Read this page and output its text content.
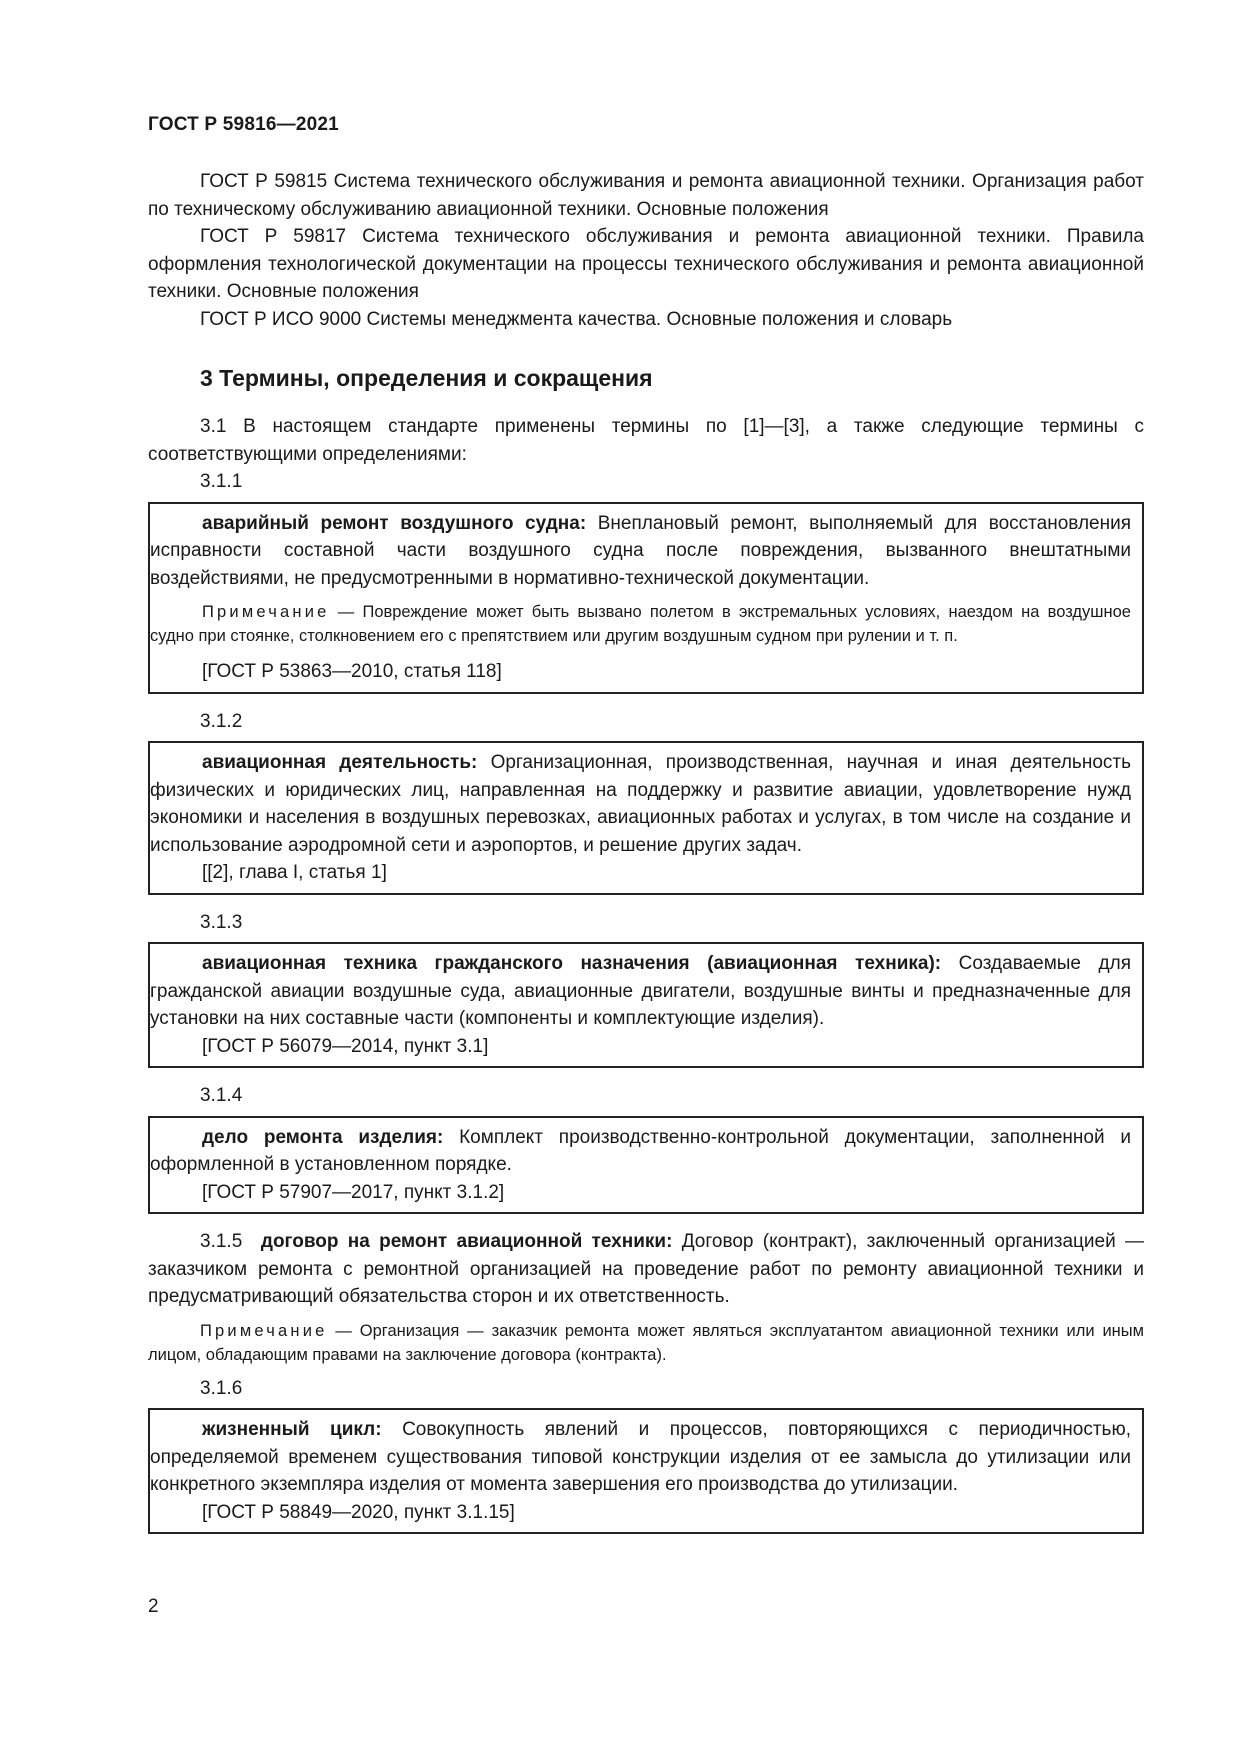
ГОСТ Р 59816—2021

ГОСТ Р 59815 Система технического обслуживания и ремонта авиационной техники. Организация работ по техническому обслуживанию авиационной техники. Основные положения

ГОСТ Р 59817 Система технического обслуживания и ремонта авиационной техники. Правила оформления технологической документации на процессы технического обслуживания и ремонта авиационной техники. Основные положения

ГОСТ Р ИСО 9000 Системы менеджмента качества. Основные положения и словарь

3 Термины, определения и сокращения

3.1 В настоящем стандарте применены термины по [1]—[3], а также следующие термины с соответствующими определениями:

3.1.1

аварийный ремонт воздушного судна: Внеплановый ремонт, выполняемый для восстановления исправности составной части воздушного судна после повреждения, вызванного внештатными воздействиями, не предусмотренными в нормативно-технической документации.

Примечание — Повреждение может быть вызвано полетом в экстремальных условиях, наездом на воздушное судно при стоянке, столкновением его с препятствием или другим воздушным судном при рулении и т. п.

[ГОСТ Р 53863—2010, статья 118]

3.1.2

авиационная деятельность: Организационная, производственная, научная и иная деятельность физических и юридических лиц, направленная на поддержку и развитие авиации, удовлетворение нужд экономики и населения в воздушных перевозках, авиационных работах и услугах, в том числе на создание и использование аэродромной сети и аэропортов, и решение других задач.

[[2], глава I, статья 1]

3.1.3

авиационная техника гражданского назначения (авиационная техника): Создаваемые для гражданской авиации воздушные суда, авиационные двигатели, воздушные винты и предназначенные для установки на них составные части (компоненты и комплектующие изделия).

[ГОСТ Р 56079—2014, пункт 3.1]

3.1.4

дело ремонта изделия: Комплект производственно-контрольной документации, заполненной и оформленной в установленном порядке.

[ГОСТ Р 57907—2017, пункт 3.1.2]

3.1.5 договор на ремонт авиационной техники: Договор (контракт), заключенный организацией — заказчиком ремонта с ремонтной организацией на проведение работ по ремонту авиационной техники и предусматривающий обязательства сторон и их ответственность.

Примечание — Организация — заказчик ремонта может являться эксплуатантом авиационной техники или иным лицом, обладающим правами на заключение договора (контракта).

3.1.6

жизненный цикл: Совокупность явлений и процессов, повторяющихся с периодичностью, определяемой временем существования типовой конструкции изделия от ее замысла до утилизации или конкретного экземпляра изделия от момента завершения его производства до утилизации.

[ГОСТ Р 58849—2020, пункт 3.1.15]

2
